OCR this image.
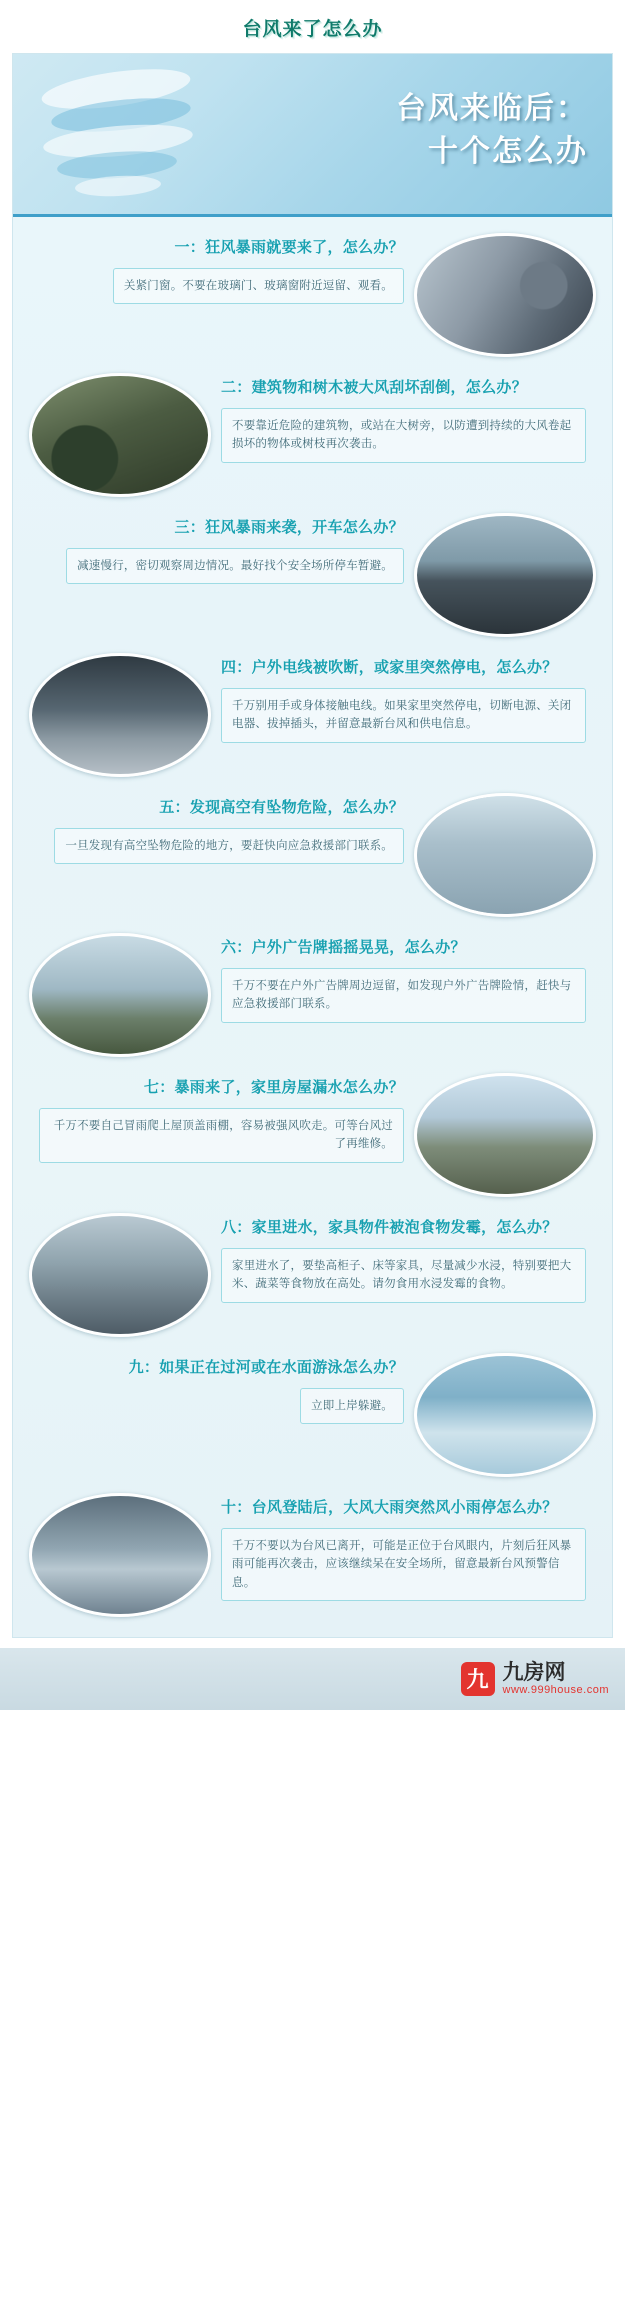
台风来了怎么办
台风来临后：
十个怎么办
一：狂风暴雨就要来了，怎么办？
关紧门窗。不要在玻璃门、玻璃窗附近逗留、观看。
二：建筑物和树木被大风刮坏刮倒，怎么办？
不要靠近危险的建筑物，或站在大树旁，以防遭到持续的大风卷起损坏的物体或树枝再次袭击。
三：狂风暴雨来袭，开车怎么办？
减速慢行，密切观察周边情况。最好找个安全场所停车暂避。
四：户外电线被吹断，或家里突然停电，怎么办？
千万别用手或身体接触电线。如果家里突然停电，切断电源、关闭电器、拔掉插头，并留意最新台风和供电信息。
五：发现高空有坠物危险，怎么办？
一旦发现有高空坠物危险的地方，要赶快向应急救援部门联系。
六：户外广告牌摇摇晃晃，怎么办？
千万不要在户外广告牌周边逗留，如发现户外广告牌险情，赶快与应急救援部门联系。
七：暴雨来了，家里房屋漏水怎么办？
千万不要自己冒雨爬上屋顶盖雨棚，容易被强风吹走。可等台风过了再维修。
八：家里进水，家具物件被泡食物发霉，怎么办？
家里进水了，要垫高柜子、床等家具，尽量减少水浸，特别要把大米、蔬菜等食物放在高处。请勿食用水浸发霉的食物。
九：如果正在过河或在水面游泳怎么办？
立即上岸躲避。
十：台风登陆后，大风大雨突然风小雨停怎么办？
千万不要以为台风已离开，可能是正位于台风眼内，片刻后狂风暴雨可能再次袭击，应该继续呆在安全场所，留意最新台风预警信息。
九 九房网
www.999house.com
